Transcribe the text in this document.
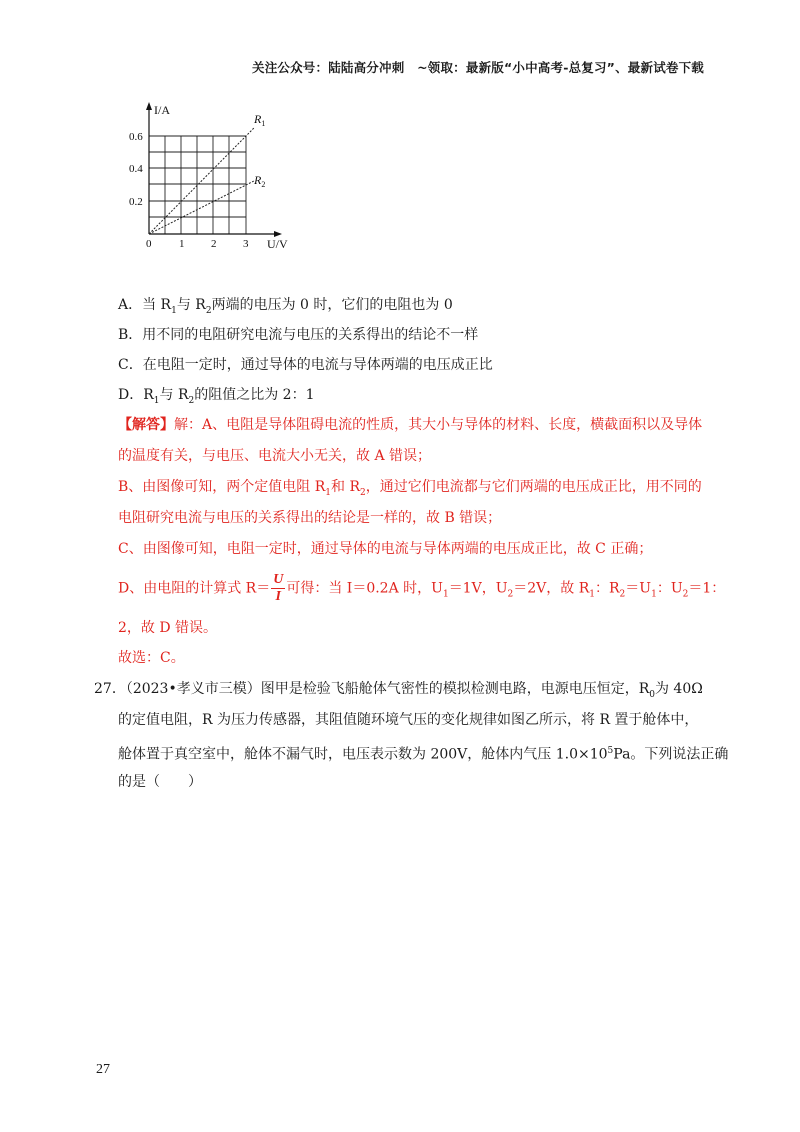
关注公众号：陆陆高分冲刺　~领取：最新版“小中高考-总复习”、最新试卷下载
I/A
U/V
0.2
0.4
0.6
0	1 2 3
$R_1$
$R_2$
A．当 $R_1$与 $R_2$两端的电压为 0 时，它们的电阻也为 0
B．用不同的电阻研究电流与电压的关系得出的结论不一样
C．在电阻一定时，通过导体的电流与导体两端的电压成正比
D．$R_1$与 $R_2$的阻值之比为 2：1
【解答】解：A、电阻是导体阻碍电流的性质，其大小与导体的材料、长度，横截面积以及导体
的温度有关，与电压、电流大小无关，故 A 错误；
B、由图像可知，两个定值电阻 $R_1$和 $R_2$，通过它们电流都与它们两端的电压成正比，用不同的
电阻研究电流与电压的关系得出的结论是一样的，故 B 错误；
C、由图像可知，电阻一定时，通过导体的电流与导体两端的电压成正比，故 C 正确；
D、由电阻的计算式 $R= \frac{U}{I}$ 可得：当 I＝0.2A 时，$U_1=1V$，$U_2=2V$，故 $R_1$：$R_2=U_1$：$U_2=1$：
2，故 D 错误。
故选：C。
27．（2023•孝义市三模）图甲是检验飞船舱体气密性的模拟检测电路，电源电压恒定，$R_0$为 40Ω
的定值电阻，R 为压力传感器，其阻值随环境气压的变化规律如图乙所示，将 R 置于舱体中，
舱体置于真空室中，舱体不漏气时，电压表示数为 200V，舱体内气压 $1.0\times 10^5Pa$。下列说法正确
的是（　　）
27
